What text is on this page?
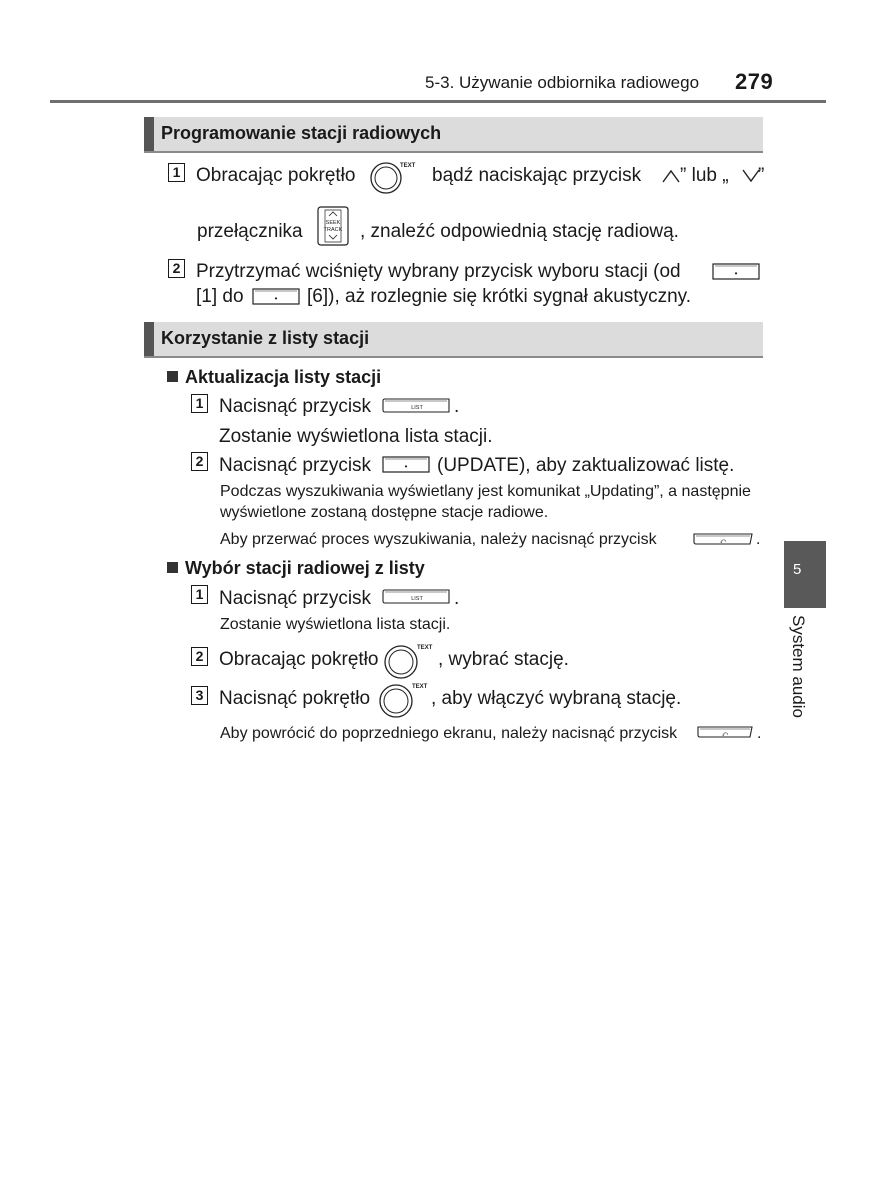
5-3. Używanie odbiornika radiowego 279
Programowanie stacji radiowych
1 Obracając pokrętło	TEXT bądź naciskając przycisk ” lub „ ”
przełącznika	SEEK
TRACK , znaleźć odpowiednią stację radiową.
2 Przytrzymać wciśnięty wybrany przycisk wyboru stacji (od	•
[1] do	• [6]), aż rozlegnie się krótki sygnał akustyczny.
Korzystanie z listy stacji
Aktualizacja listy stacji
1 Nacisnąć przycisk	LIST .
Zostanie wyświetlona lista stacji.
2 Nacisnąć przycisk	• (UPDATE), aby zaktualizować listę.
Podczas wyszukiwania wyświetlany jest komunikat „Updating”, a następnie
wyświetlone zostaną dostępne stacje radiowe.
Aby przerwać proces wyszukiwania, należy nacisnąć przycisk	⤺ .
Wybór stacji radiowej z listy
1 Nacisnąć przycisk	LIST .
Zostanie wyświetlona lista stacji.
2 Obracając pokrętło
TEXT
, wybrać stację.
3 Nacisnąć pokrętło
TEXT
, aby włączyć wybraną stację.
Aby powrócić do poprzedniego ekranu, należy nacisnąć przycisk	⤺ .
5
System audio
